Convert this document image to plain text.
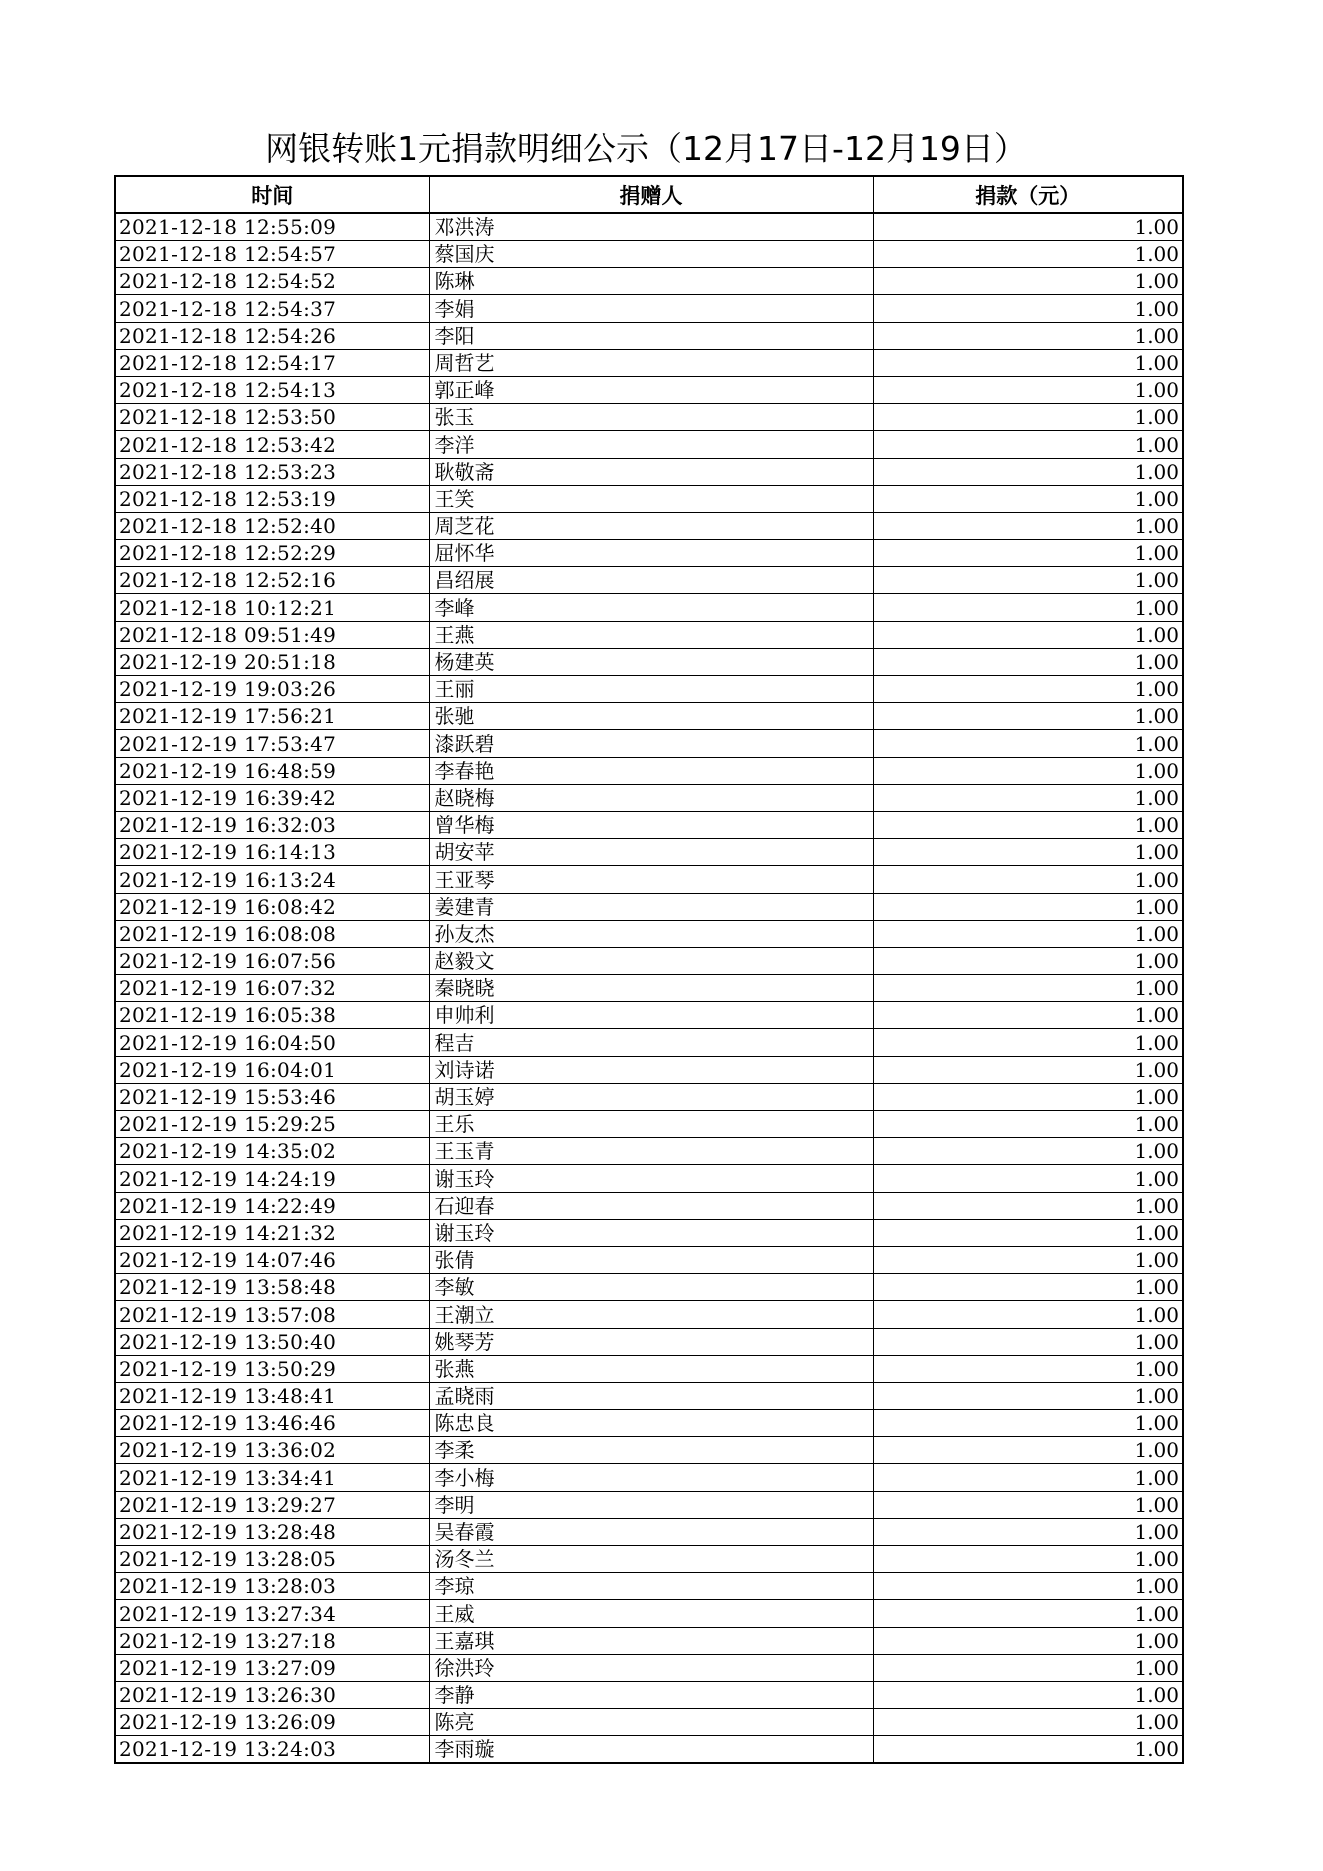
网银转账1元捐款明细公示（12月17日-12月19日）
时间	捐赠人	捐款（元）
2021-12-18 12:55:09	邓洪涛	1.00
2021-12-18 12:54:57	蔡国庆	1.00
2021-12-18 12:54:52	陈琳	1.00
2021-12-18 12:54:37	李娟	1.00
2021-12-18 12:54:26	李阳	1.00
2021-12-18 12:54:17	周哲艺	1.00
2021-12-18 12:54:13	郭正峰	1.00
2021-12-18 12:53:50	张玉	1.00
2021-12-18 12:53:42	李洋	1.00
2021-12-18 12:53:23	耿敬斋	1.00
2021-12-18 12:53:19	王笑	1.00
2021-12-18 12:52:40	周芝花	1.00
2021-12-18 12:52:29	屈怀华	1.00
2021-12-18 12:52:16	昌绍展	1.00
2021-12-18 10:12:21	李峰	1.00
2021-12-18 09:51:49	王燕	1.00
2021-12-19 20:51:18	杨建英	1.00
2021-12-19 19:03:26	王丽	1.00
2021-12-19 17:56:21	张驰	1.00
2021-12-19 17:53:47	漆跃碧	1.00
2021-12-19 16:48:59	李春艳	1.00
2021-12-19 16:39:42	赵晓梅	1.00
2021-12-19 16:32:03	曾华梅	1.00
2021-12-19 16:14:13	胡安苹	1.00
2021-12-19 16:13:24	王亚琴	1.00
2021-12-19 16:08:42	姜建青	1.00
2021-12-19 16:08:08	孙友杰	1.00
2021-12-19 16:07:56	赵毅文	1.00
2021-12-19 16:07:32	秦晓晓	1.00
2021-12-19 16:05:38	申帅利	1.00
2021-12-19 16:04:50	程吉	1.00
2021-12-19 16:04:01	刘诗诺	1.00
2021-12-19 15:53:46	胡玉婷	1.00
2021-12-19 15:29:25	王乐	1.00
2021-12-19 14:35:02	王玉青	1.00
2021-12-19 14:24:19	谢玉玲	1.00
2021-12-19 14:22:49	石迎春	1.00
2021-12-19 14:21:32	谢玉玲	1.00
2021-12-19 14:07:46	张倩	1.00
2021-12-19 13:58:48	李敏	1.00
2021-12-19 13:57:08	王潮立	1.00
2021-12-19 13:50:40	姚琴芳	1.00
2021-12-19 13:50:29	张燕	1.00
2021-12-19 13:48:41	孟晓雨	1.00
2021-12-19 13:46:46	陈忠良	1.00
2021-12-19 13:36:02	李柔	1.00
2021-12-19 13:34:41	李小梅	1.00
2021-12-19 13:29:27	李明	1.00
2021-12-19 13:28:48	吴春霞	1.00
2021-12-19 13:28:05	汤冬兰	1.00
2021-12-19 13:28:03	李琼	1.00
2021-12-19 13:27:34	王威	1.00
2021-12-19 13:27:18	王嘉琪	1.00
2021-12-19 13:27:09	徐洪玲	1.00
2021-12-19 13:26:30	李静	1.00
2021-12-19 13:26:09	陈亮	1.00
2021-12-19 13:24:03	李雨璇	1.00
